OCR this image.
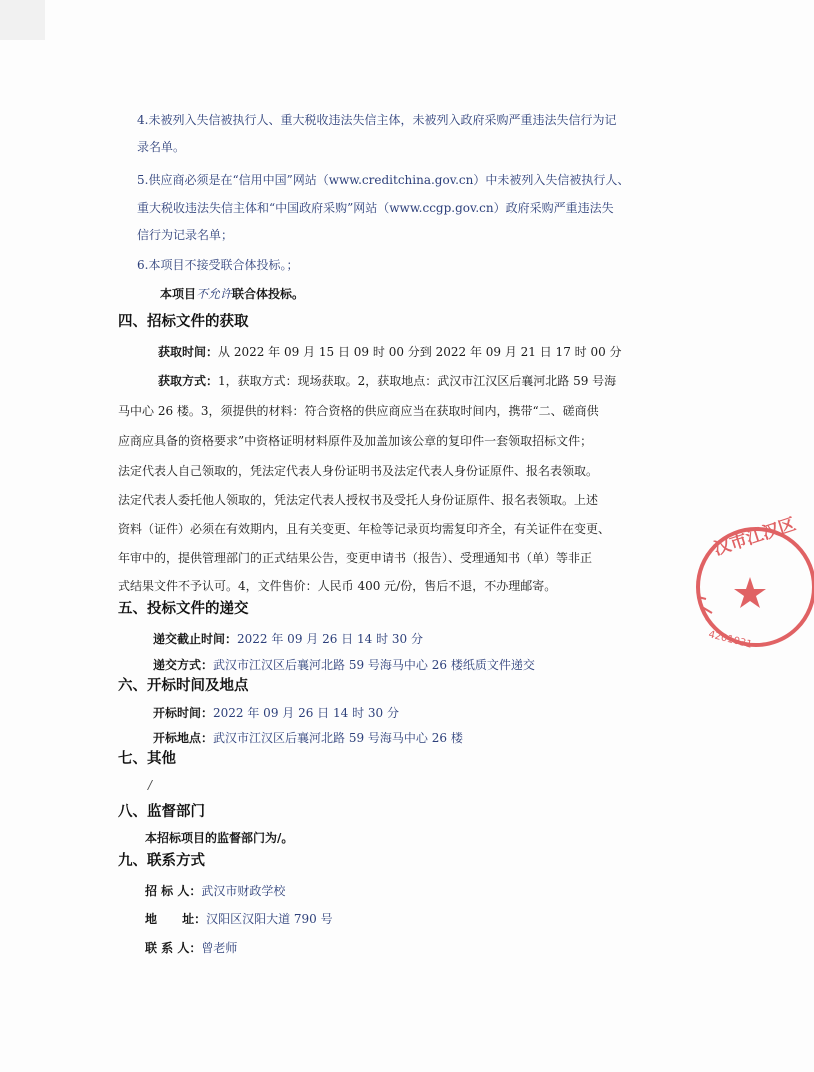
4.未被列入失信被执行人、重大税收违法失信主体，未被列入政府采购严重违法失信行为记
录名单。
5.供应商必须是在“信用中国”网站（www.creditchina.gov.cn）中未被列入失信被执行人、
重大税收违法失信主体和“中国政府采购”网站（www.ccgp.gov.cn）政府采购严重违法失
信行为记录名单；
6.本项目不接受联合体投标。；
本项目不允许联合体投标。
四、招标文件的获取
获取时间：从 2022 年 09 月 15 日 09 时 00 分到 2022 年 09 月 21 日 17 时 00 分
获取方式：1，获取方式：现场获取。2，获取地点：武汉市江汉区后襄河北路 59 号海
马中心 26 楼。3，须提供的材料：符合资格的供应商应当在获取时间内，携带“二、磋商供
应商应具备的资格要求”中资格证明材料原件及加盖加该公章的复印件一套领取招标文件；
法定代表人自己领取的，凭法定代表人身份证明书及法定代表人身份证原件、报名表领取。
法定代表人委托他人领取的，凭法定代表人授权书及受托人身份证原件、报名表领取。上述
资料（证件）必须在有效期内，且有关变更、年检等记录页均需复印齐全，有关证件在变更、
年审中的，提供管理部门的正式结果公告，变更申请书（报告）、受理通知书（单）等非正
式结果文件不予认可。4，文件售价：人民币 400 元/份，售后不退，不办理邮寄。
五、投标文件的递交
递交截止时间：2022 年 09 月 26 日 14 时 30 分
递交方式：武汉市江汉区后襄河北路 59 号海马中心 26 楼纸质文件递交
六、开标时间及地点
开标时间：2022 年 09 月 26 日 14 时 30 分
开标地点：武汉市江汉区后襄河北路 59 号海马中心 26 楼
七、其他
/
八、监督部门
本招标项目的监督部门为/。
九、联系方式
招 标 人：武汉市财政学校
地      址：汉阳区汉阳大道 790 号
联 系 人：曾老师
汉市江汉区
4201031
